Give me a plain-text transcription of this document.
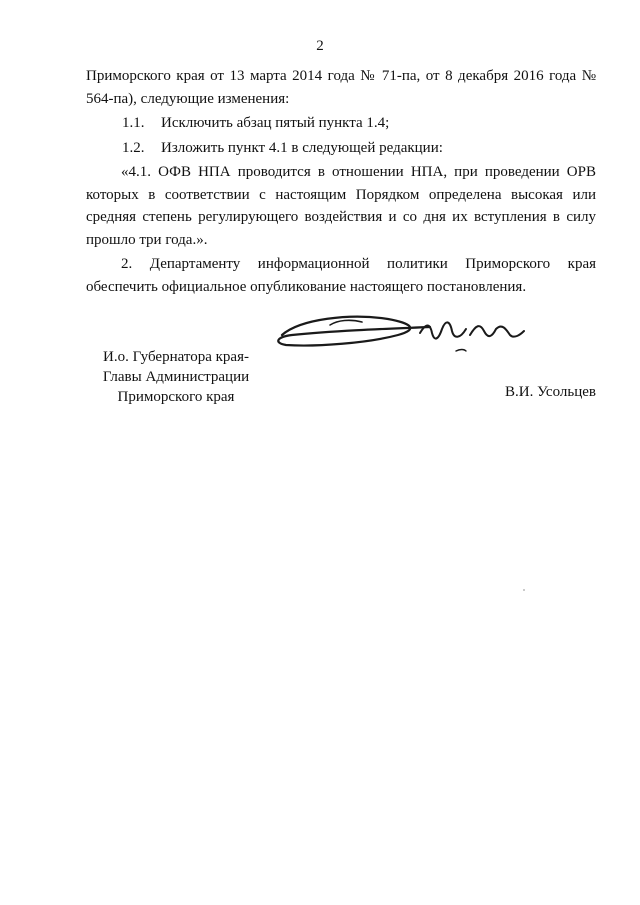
2

Приморского края от 13 марта 2014 года № 71-па, от 8 декабря 2016 года № 564-па), следующие изменения:

1.1.	Исключить абзац пятый пункта 1.4;
1.2.	Изложить пункт 4.1 в следующей редакции:

«4.1. ОФВ НПА проводится в отношении НПА, при проведении ОРВ которых в соответствии с настоящим Порядком определена высокая или средняя степень регулирующего воздействия и со дня их вступления в силу прошло три года.».

2. Департаменту информационной политики Приморского края обеспечить официальное опубликование настоящего постановления.

И.о. Губернатора края-
Главы Администрации
Приморского края	В.И. Усольцев
